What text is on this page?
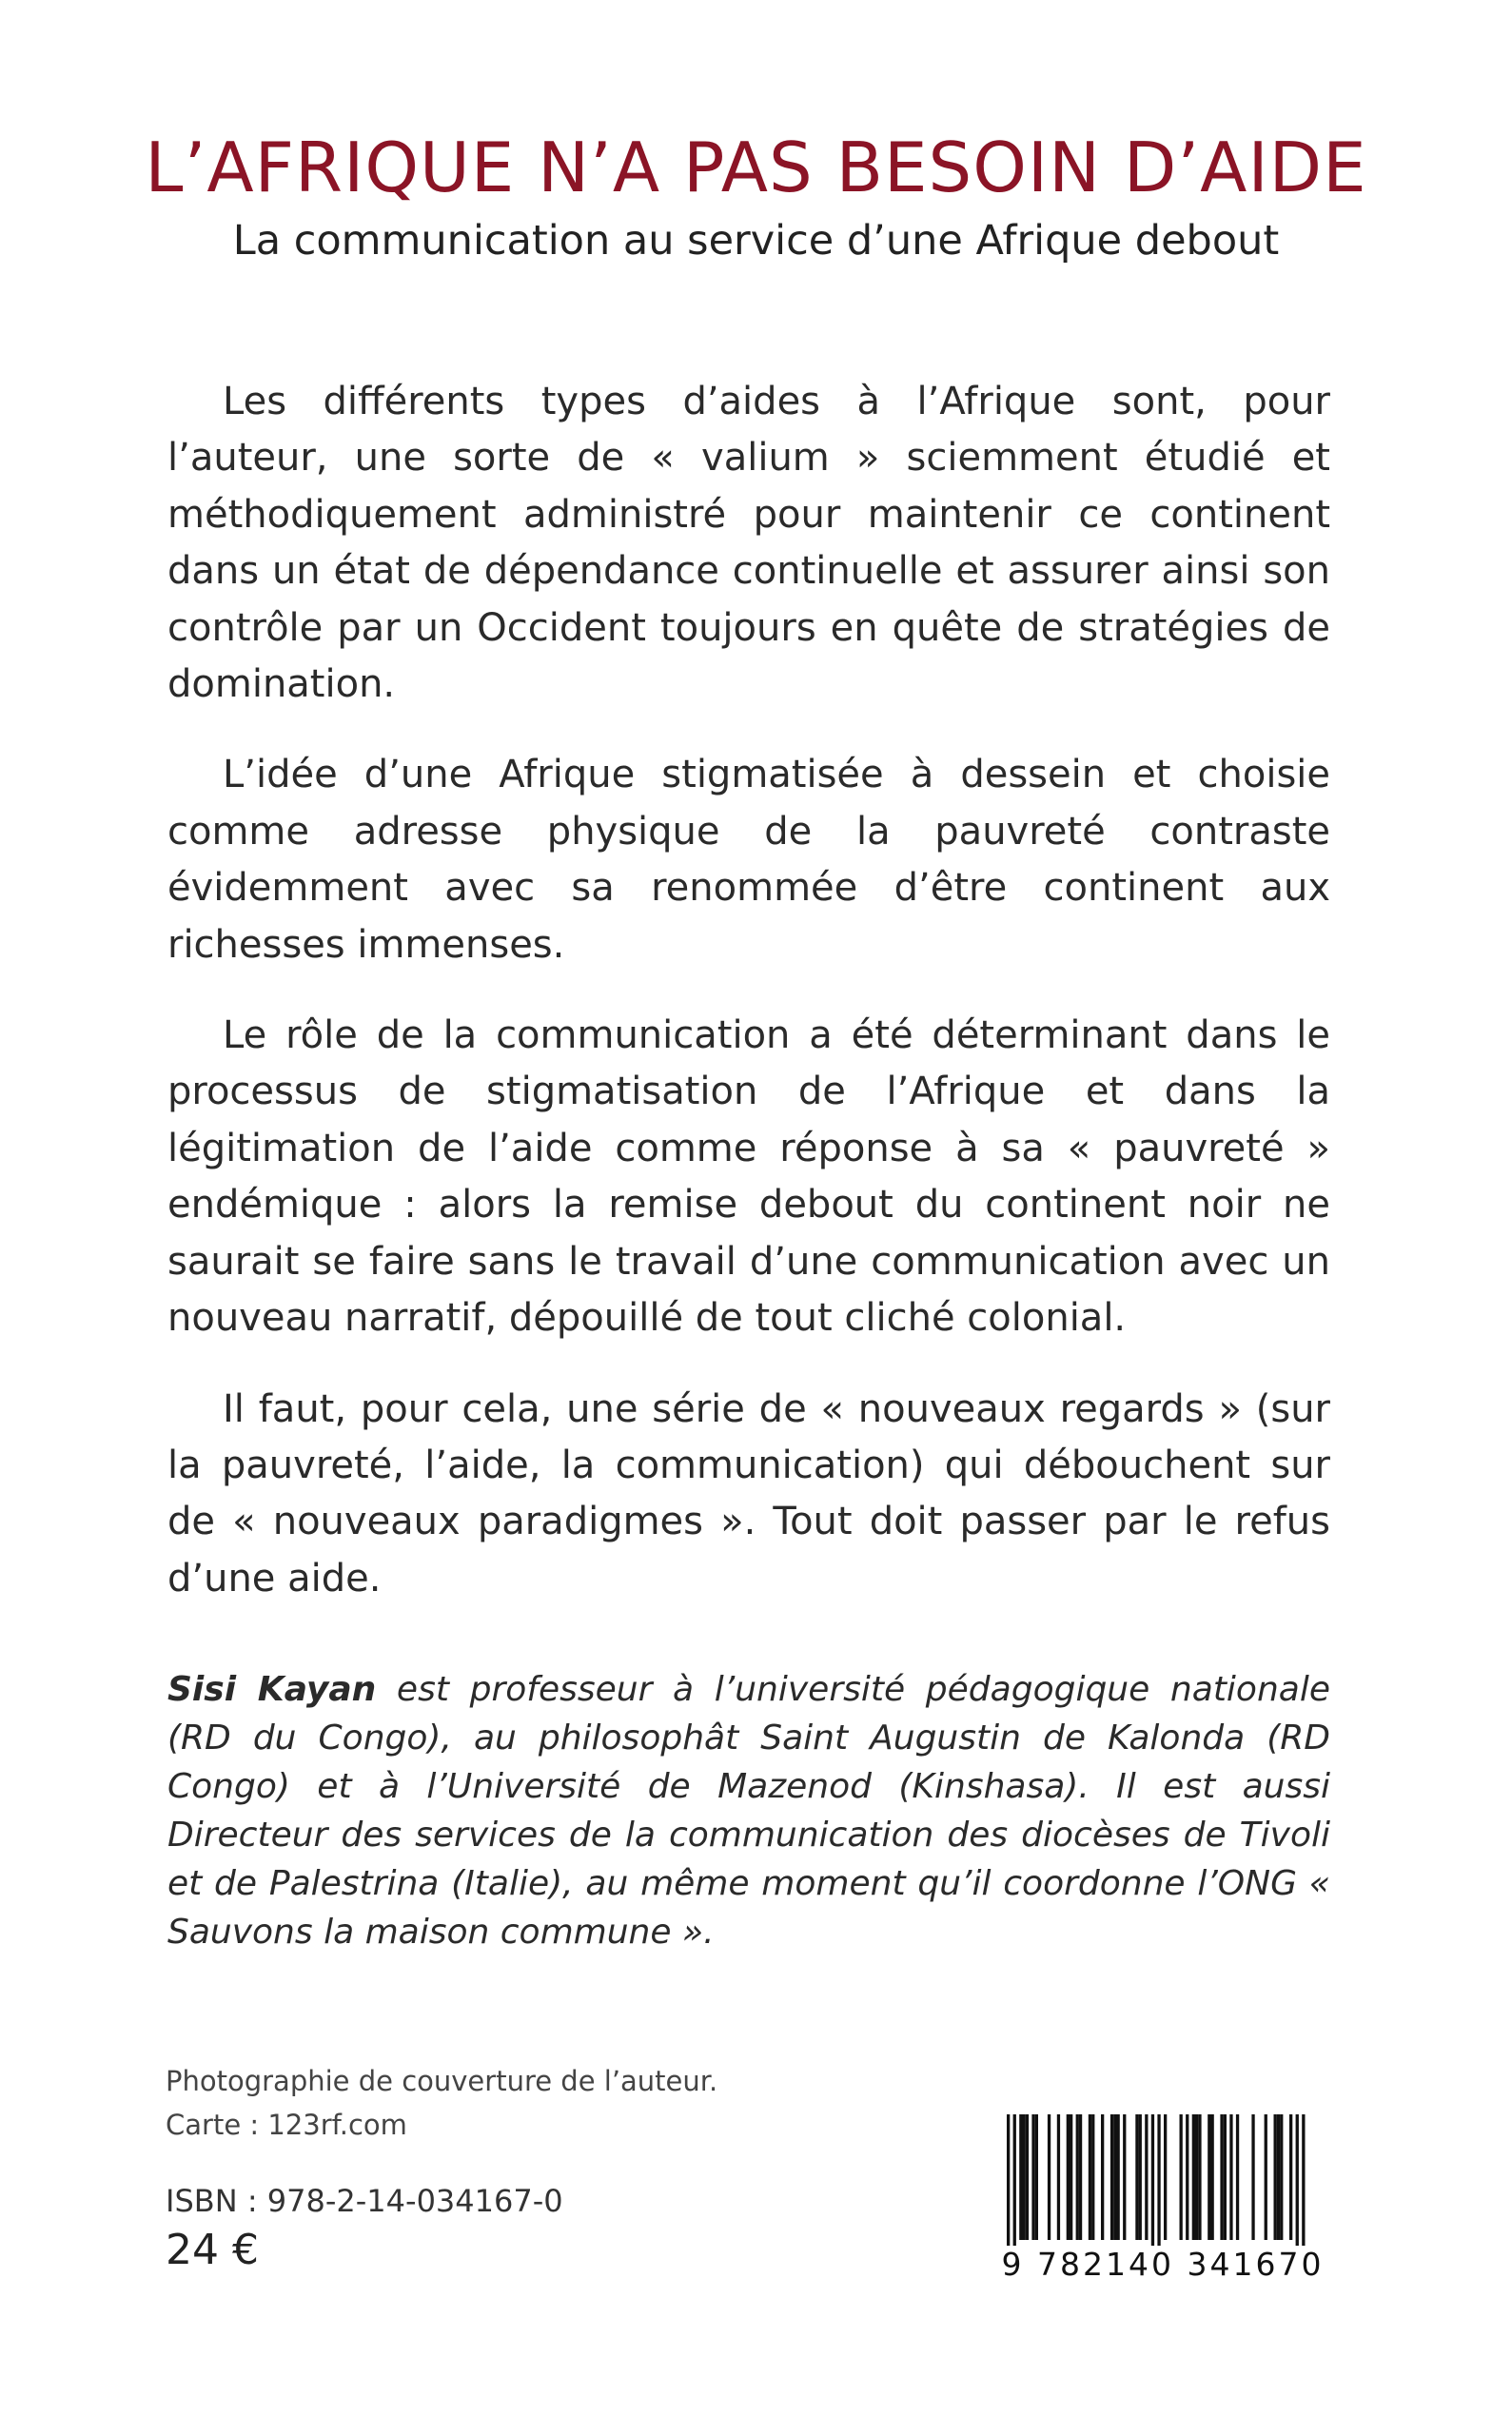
L’AFRIQUE N’A PAS BESOIN D’AIDE
La communication au service d’une Afrique debout

Les différents types d’aides à l’Afrique sont, pour l’auteur, une sorte de « valium » sciemment étudié et méthodiquement administré pour maintenir ce continent dans un état de dépendance continuelle et assurer ainsi son contrôle par un Occident toujours en quête de stratégies de domination.

L’idée d’une Afrique stigmatisée à dessein et choisie comme adresse physique de la pauvreté contraste évidemment avec sa renommée d’être continent aux richesses immenses.

Le rôle de la communication a été déterminant dans le processus de stigmatisation de l’Afrique et dans la légitimation de l’aide comme réponse à sa « pauvreté » endémique : alors la remise debout du continent noir ne saurait se faire sans le travail d’une communication avec un nouveau narratif, dépouillé de tout cliché colonial.

Il faut, pour cela, une série de « nouveaux regards » (sur la pauvreté, l’aide, la communication) qui débouchent sur de « nouveaux paradigmes ». Tout doit passer par le refus d’une aide.

Sisi Kayan est professeur à l’université pédagogique nationale (RD du Congo), au philosophât Saint Augustin de Kalonda (RD Congo) et à l’Université de Mazenod (Kinshasa). Il est aussi Directeur des services de la communication des diocèses de Tivoli et de Palestrina (Italie), au même moment qu’il coordonne l’ONG « Sauvons la maison commune ».
Photographie de couverture de l’auteur.
Carte : 123rf.com
ISBN : 978-2-14-034167-0
24 €	9 782140 341670
